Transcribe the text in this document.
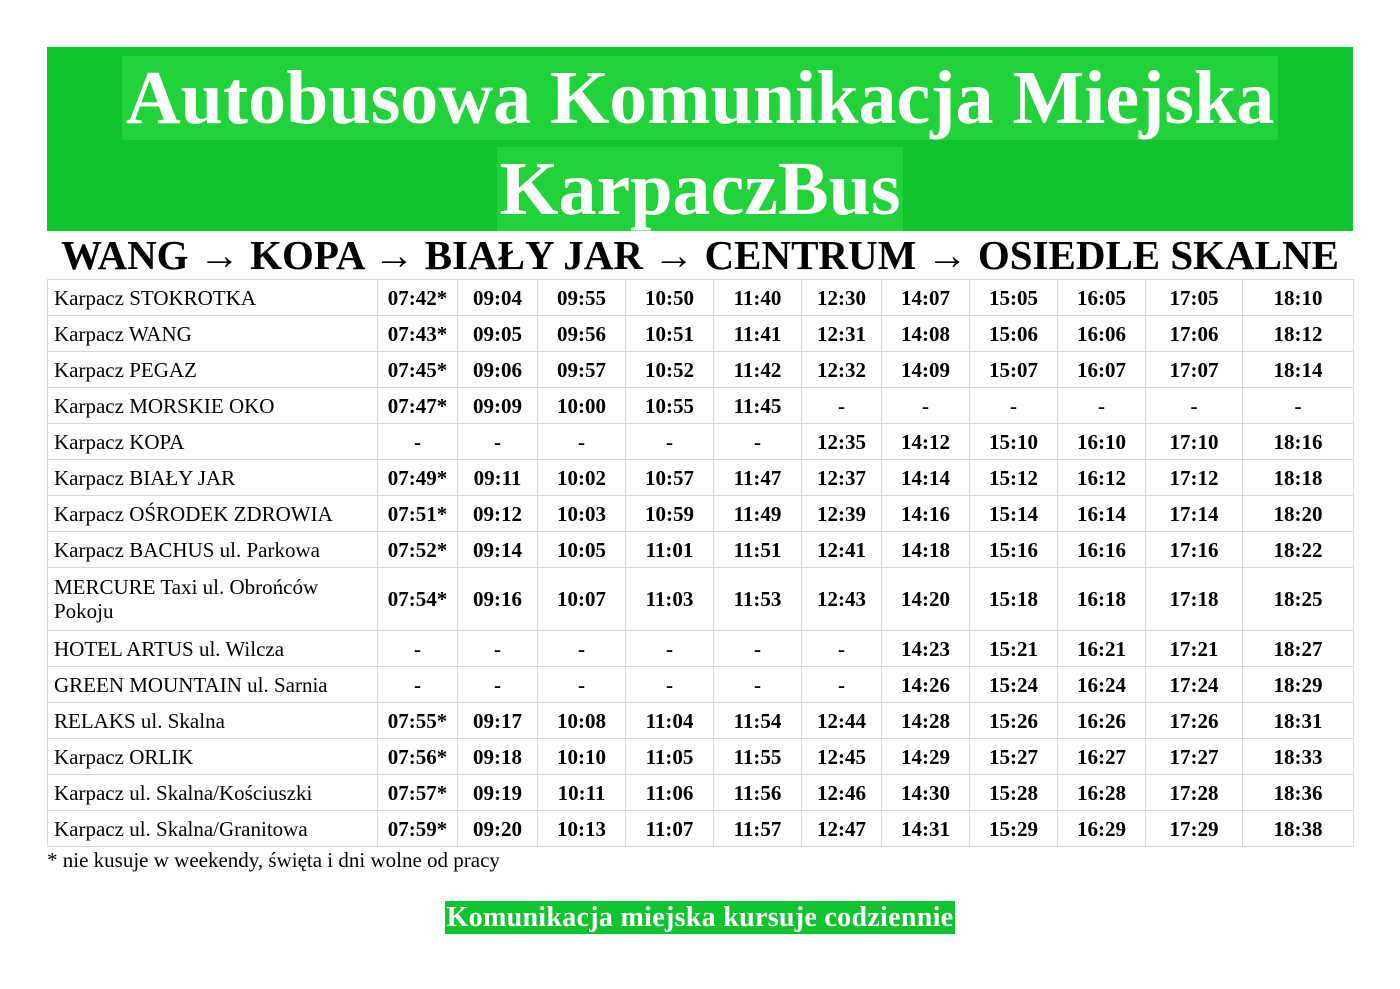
Autobusowa Komunikacja Miejska
KarpaczBus
WANG → KOPA → BIAŁY JAR → CENTRUM → OSIEDLE SKALNE
Karpacz STOKROTKA	07:42*	09:04	09:55	10:50	11:40	12:30	14:07	15:05	16:05	17:05	18:10
Karpacz WANG	07:43*	09:05	09:56	10:51	11:41	12:31	14:08	15:06	16:06	17:06	18:12
Karpacz PEGAZ	07:45*	09:06	09:57	10:52	11:42	12:32	14:09	15:07	16:07	17:07	18:14
Karpacz MORSKIE OKO	07:47*	09:09	10:00	10:55	11:45	-	-	-	-	-	-
Karpacz KOPA	-	-	-	-	-	12:35	14:12	15:10	16:10	17:10	18:16
Karpacz BIAŁY JAR	07:49*	09:11	10:02	10:57	11:47	12:37	14:14	15:12	16:12	17:12	18:18
Karpacz OŚRODEK ZDROWIA	07:51*	09:12	10:03	10:59	11:49	12:39	14:16	15:14	16:14	17:14	18:20
Karpacz BACHUS ul. Parkowa	07:52*	09:14	10:05	11:01	11:51	12:41	14:18	15:16	16:16	17:16	18:22
MERCURE Taxi ul. Obrońców Pokoju	07:54*	09:16	10:07	11:03	11:53	12:43	14:20	15:18	16:18	17:18	18:25
HOTEL ARTUS ul. Wilcza	-	-	-	-	-	-	14:23	15:21	16:21	17:21	18:27
GREEN MOUNTAIN ul. Sarnia	-	-	-	-	-	-	14:26	15:24	16:24	17:24	18:29
RELAKS ul. Skalna	07:55*	09:17	10:08	11:04	11:54	12:44	14:28	15:26	16:26	17:26	18:31
Karpacz ORLIK	07:56*	09:18	10:10	11:05	11:55	12:45	14:29	15:27	16:27	17:27	18:33
Karpacz ul. Skalna/Kościuszki	07:57*	09:19	10:11	11:06	11:56	12:46	14:30	15:28	16:28	17:28	18:36
Karpacz ul. Skalna/Granitowa	07:59*	09:20	10:13	11:07	11:57	12:47	14:31	15:29	16:29	17:29	18:38
* nie kusuje w weekendy, święta i dni wolne od pracy
Komunikacja miejska kursuje codziennie
